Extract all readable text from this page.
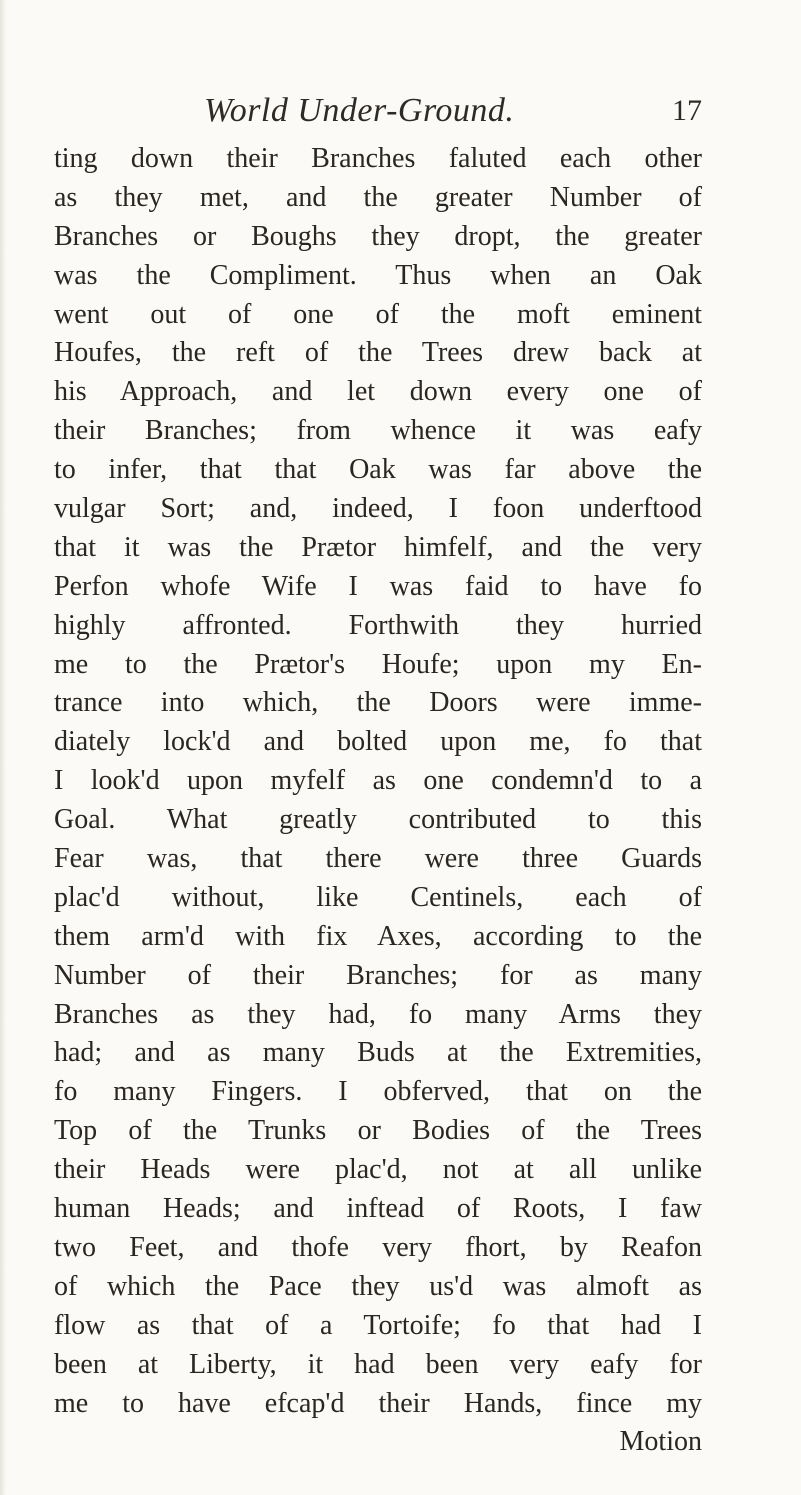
World Under-Ground.	17
ting down their Branches faluted each other
as they met, and the greater Number of
Branches or Boughs they dropt, the greater
was the Compliment. Thus when an Oak
went out of one of the moft eminent
Houfes, the reft of the Trees drew back at
his Approach, and let down every one of
their Branches; from whence it was eafy
to infer, that that Oak was far above the
vulgar Sort; and, indeed, I foon underftood
that it was the Prætor himfelf, and the very
Perfon whofe Wife I was faid to have fo
highly affronted. Forthwith they hurried
me to the Prætor's Houfe; upon my En-
trance into which, the Doors were imme-
diately lock'd and bolted upon me, fo that
I look'd upon myfelf as one condemn'd to a
Goal. What greatly contributed to this
Fear was, that there were three Guards
plac'd without, like Centinels, each of
them arm'd with fix Axes, according to the
Number of their Branches; for as many
Branches as they had, fo many Arms they
had; and as many Buds at the Extremities,
fo many Fingers. I obferved, that on the
Top of the Trunks or Bodies of the Trees
their Heads were plac'd, not at all unlike
human Heads; and inftead of Roots, I faw
two Feet, and thofe very fhort, by Reafon
of which the Pace they us'd was almoft as
flow as that of a Tortoife; fo that had I
been at Liberty, it had been very eafy for
me to have efcap'd their Hands, fince my
Motion
